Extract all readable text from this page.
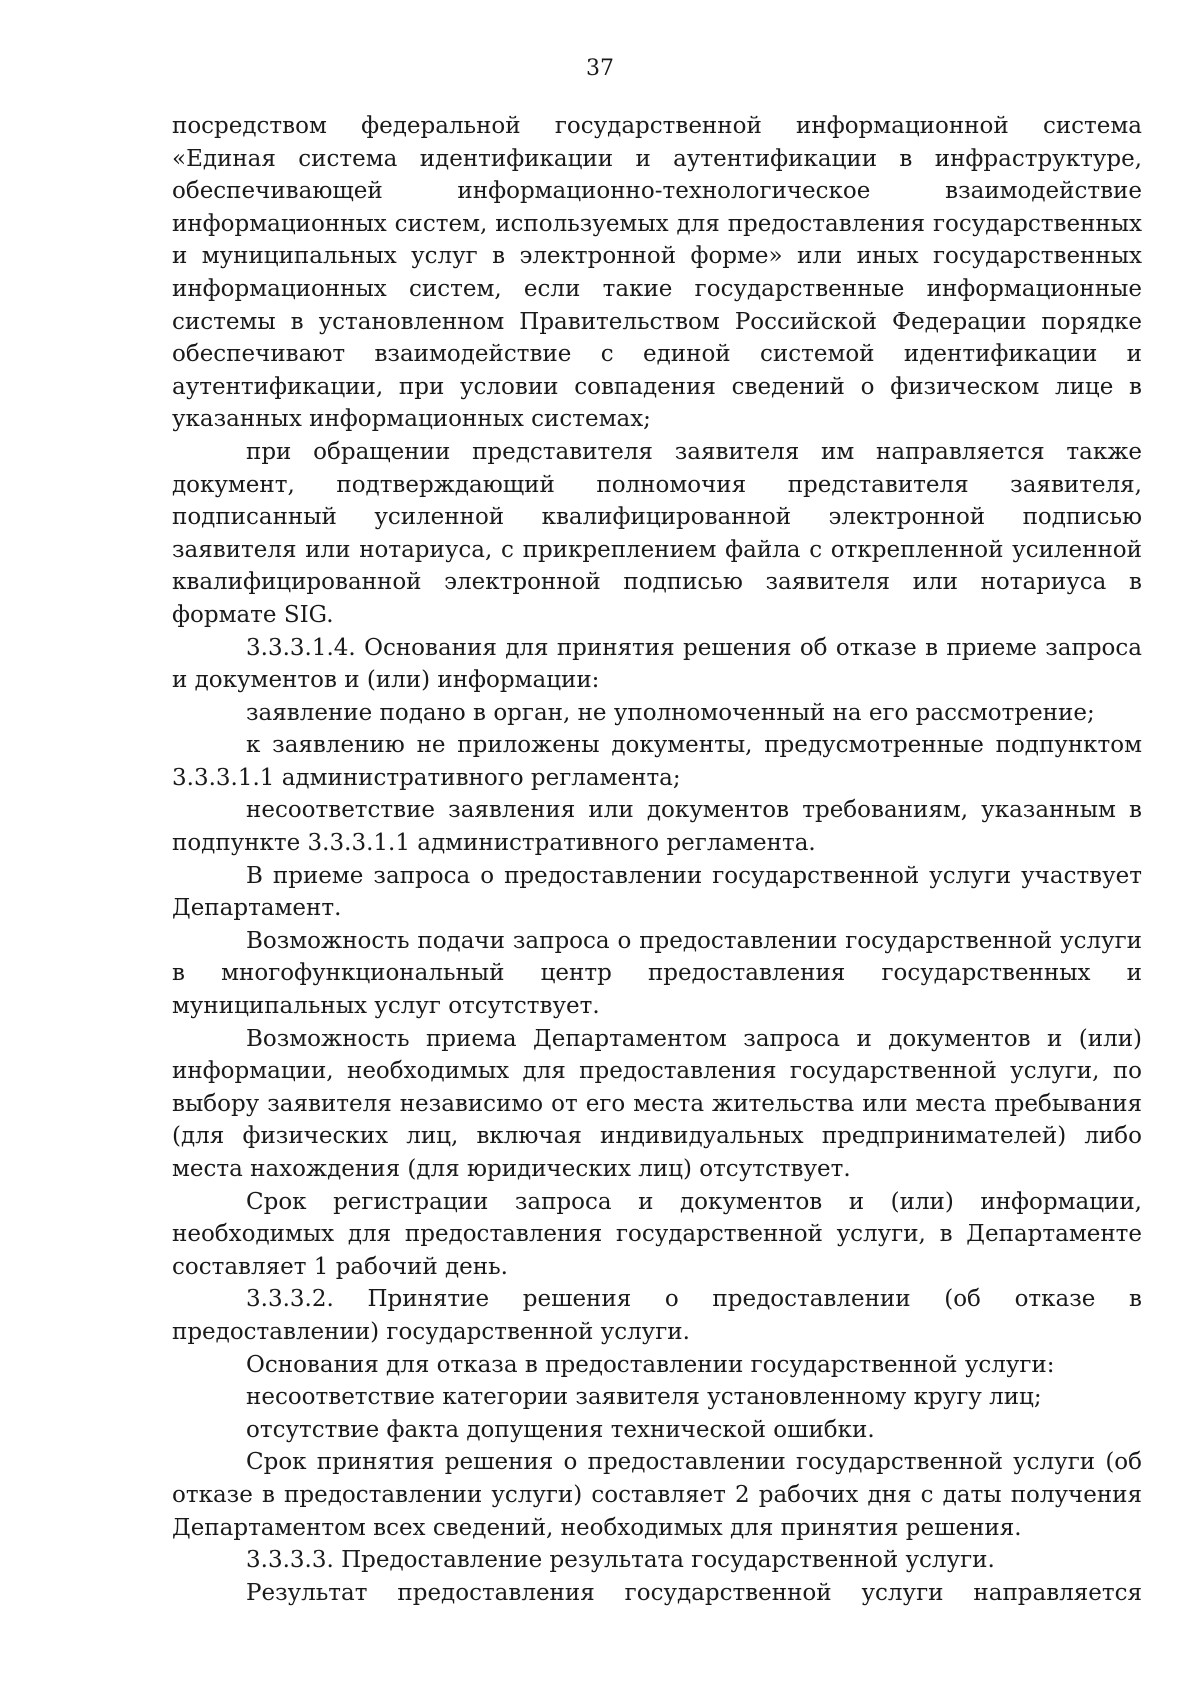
37

посредством федеральной государственной информационной система «Единая система идентификации и аутентификации в инфраструктуре, обеспечивающей информационно-технологическое взаимодействие информационных систем, используемых для предоставления государственных и муниципальных услуг в электронной форме» или иных государственных информационных систем, если такие государственные информационные системы в установленном Правительством Российской Федерации порядке обеспечивают взаимодействие с единой системой идентификации и аутентификации, при условии совпадения сведений о физическом лице в указанных информационных системах;

при обращении представителя заявителя им направляется также документ, подтверждающий полномочия представителя заявителя, подписанный усиленной квалифицированной электронной подписью заявителя или нотариуса, с прикреплением файла с открепленной усиленной квалифицированной электронной подписью заявителя или нотариуса в формате SIG.

3.3.3.1.4. Основания для принятия решения об отказе в приеме запроса и документов и (или) информации:

заявление подано в орган, не уполномоченный на его рассмотрение;

к заявлению не приложены документы, предусмотренные подпунктом 3.3.3.1.1 административного регламента;

несоответствие заявления или документов требованиям, указанным в подпункте 3.3.3.1.1 административного регламента.

В приеме запроса о предоставлении государственной услуги участвует Департамент.

Возможность подачи запроса о предоставлении государственной услуги в многофункциональный центр предоставления государственных и муниципальных услуг отсутствует.

Возможность приема Департаментом запроса и документов и (или) информации, необходимых для предоставления государственной услуги, по выбору заявителя независимо от его места жительства или места пребывания (для физических лиц, включая индивидуальных предпринимателей) либо места нахождения (для юридических лиц) отсутствует.

Срок регистрации запроса и документов и (или) информации, необходимых для предоставления государственной услуги, в Департаменте составляет 1 рабочий день.

3.3.3.2. Принятие решения о предоставлении (об отказе в предоставлении) государственной услуги.

Основания для отказа в предоставлении государственной услуги:

несоответствие категории заявителя установленному кругу лиц;

отсутствие факта допущения технической ошибки.

Срок принятия решения о предоставлении государственной услуги (об отказе в предоставлении услуги) составляет 2 рабочих дня с даты получения Департаментом всех сведений, необходимых для принятия решения.

3.3.3.3. Предоставление результата государственной услуги.

Результат предоставления государственной услуги направляется
